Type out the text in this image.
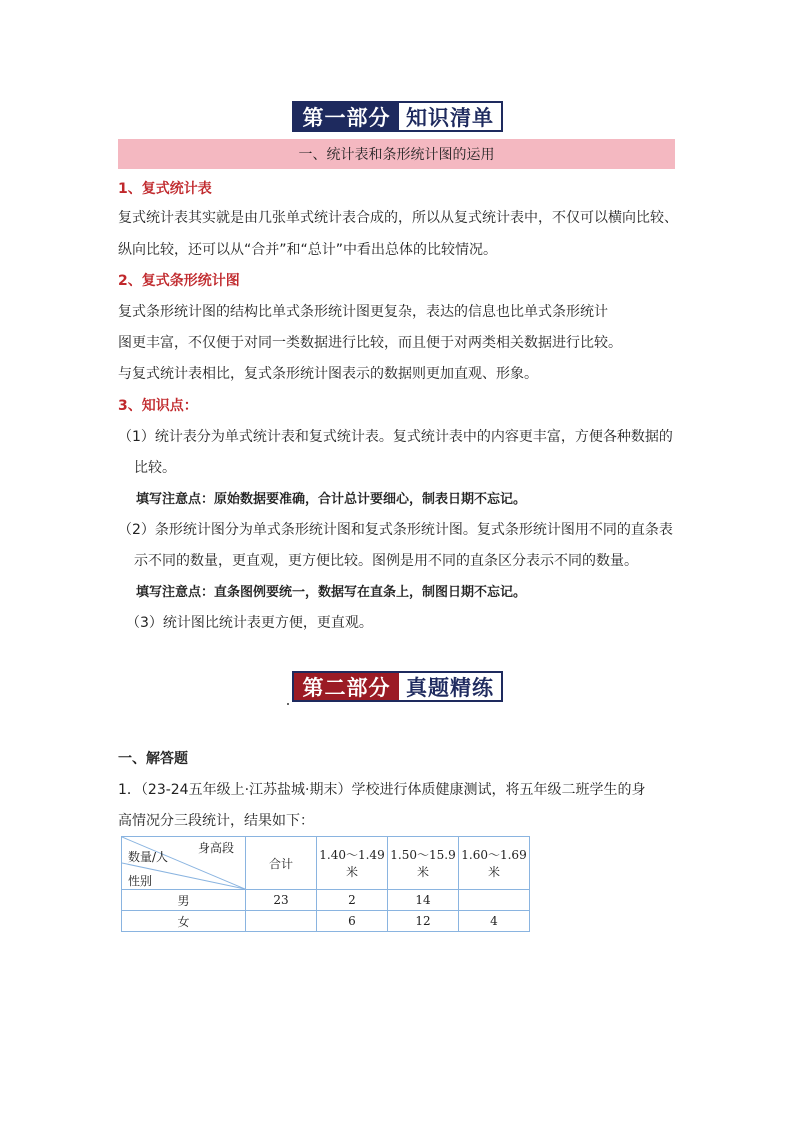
第一部分 知识清单
一、统计表和条形统计图的运用
1、复式统计表
复式统计表其实就是由几张单式统计表合成的，所以从复式统计表中，不仅可以横向比较、
纵向比较，还可以从“合并”和“总计”中看出总体的比较情况。
2、复式条形统计图
复式条形统计图的结构比单式条形统计图更复杂，表达的信息也比单式条形统计
图更丰富，不仅便于对同一类数据进行比较，而且便于对两类相关数据进行比较。
与复式统计表相比，复式条形统计图表示的数据则更加直观、形象。
3、知识点：
（1）统计表分为单式统计表和复式统计表。复式统计表中的内容更丰富，方便各种数据的
比较。
填写注意点：原始数据要准确，合计总计要细心，制表日期不忘记。
（2）条形统计图分为单式条形统计图和复式条形统计图。复式条形统计图用不同的直条表
示不同的数量，更直观，更方便比较。图例是用不同的直条区分表示不同的数量。
填写注意点：直条图例要统一，数据写在直条上，制图日期不忘记。
（3）统计图比统计表更方便，更直观。
第二部分 真题精练
一、解答题
1．（23-24五年级上·江苏盐城·期末）学校进行体质健康测试，将五年级二班学生的身
高情况分三段统计，结果如下：
身高段
数量/人
性别	合计	1.40～1.49米	1.50～15.9米	1.60～1.69米
男	23	2	14	
女		6	12	4
